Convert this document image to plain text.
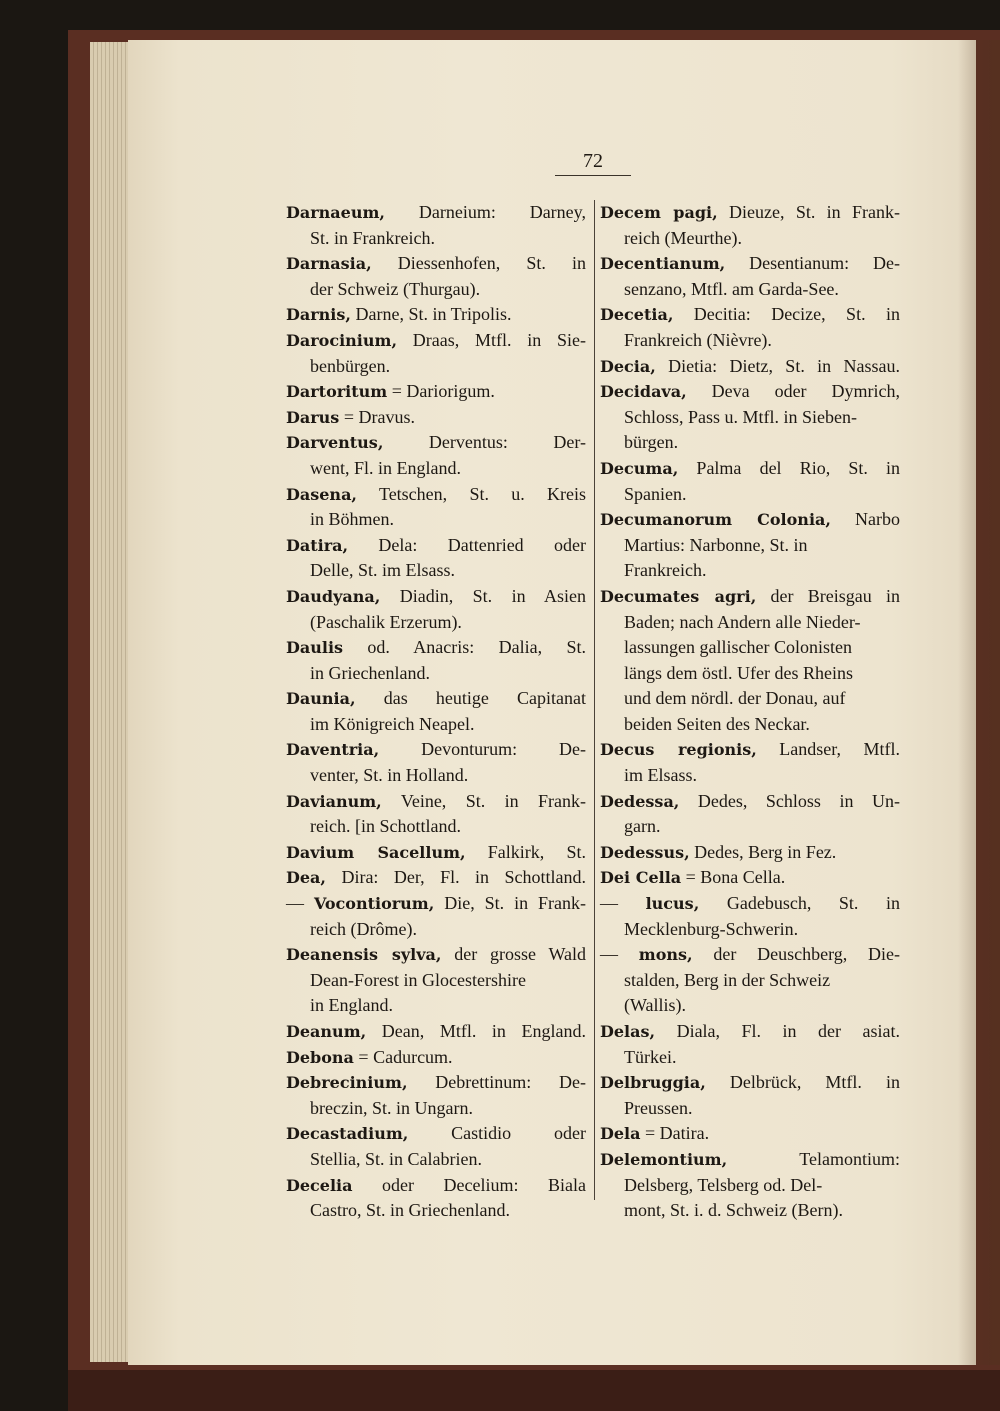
72
Darnaeum, Darneium: Darney,
St. in Frankreich.
Darnasia, Diessenhofen, St. in
der Schweiz (Thurgau).
Darnis, Darne, St. in Tripolis.
Darocinium, Draas, Mtfl. in Sie-
benbürgen.
Dartoritum = Dariorigum.
Darus = Dravus.
Darventus, Derventus: Der-
went, Fl. in England.
Dasena, Tetschen, St. u. Kreis
in Böhmen.
Datira, Dela: Dattenried oder
Delle, St. im Elsass.
Daudyana, Diadin, St. in Asien
(Paschalik Erzerum).
Daulis od. Anacris: Dalia, St.
in Griechenland.
Daunia, das heutige Capitanat
im Königreich Neapel.
Daventria, Devonturum: De-
venter, St. in Holland.
Davianum, Veine, St. in Frank-
reich. [in Schottland.
Davium Sacellum, Falkirk, St.
Dea, Dira: Der, Fl. in Schottland.
— Vocontiorum, Die, St. in Frank-
reich (Drôme).
Deanensis sylva, der grosse Wald
Dean-Forest in Glocestershire
in England.
Deanum, Dean, Mtfl. in England.
Debona = Cadurcum.
Debrecinium, Debrettinum: De-
breczin, St. in Ungarn.
Decastadium, Castidio oder
Stellia, St. in Calabrien.
Decelia oder Decelium: Biala
Castro, St. in Griechenland.
Decem pagi, Dieuze, St. in Frank-
reich (Meurthe).
Decentianum, Desentianum: De-
senzano, Mtfl. am Garda-See.
Decetia, Decitia: Decize, St. in
Frankreich (Nièvre).
Decia, Dietia: Dietz, St. in Nassau.
Decidava, Deva oder Dymrich,
Schloss, Pass u. Mtfl. in Sieben-
bürgen.
Decuma, Palma del Rio, St. in
Spanien.
Decumanorum Colonia, Narbo
Martius: Narbonne, St. in
Frankreich.
Decumates agri, der Breisgau in
Baden; nach Andern alle Nieder-
lassungen gallischer Colonisten
längs dem östl. Ufer des Rheins
und dem nördl. der Donau, auf
beiden Seiten des Neckar.
Decus regionis, Landser, Mtfl.
im Elsass.
Dedessa, Dedes, Schloss in Un-
garn.
Dedessus, Dedes, Berg in Fez.
Dei Cella = Bona Cella.
— lucus, Gadebusch, St. in
Mecklenburg-Schwerin.
— mons, der Deuschberg, Die-
stalden, Berg in der Schweiz
(Wallis).
Delas, Diala, Fl. in der asiat.
Türkei.
Delbruggia, Delbrück, Mtfl. in
Preussen.
Dela = Datira.
Delemontium, Telamontium:
Delsberg, Telsberg od. Del-
mont, St. i. d. Schweiz (Bern).
